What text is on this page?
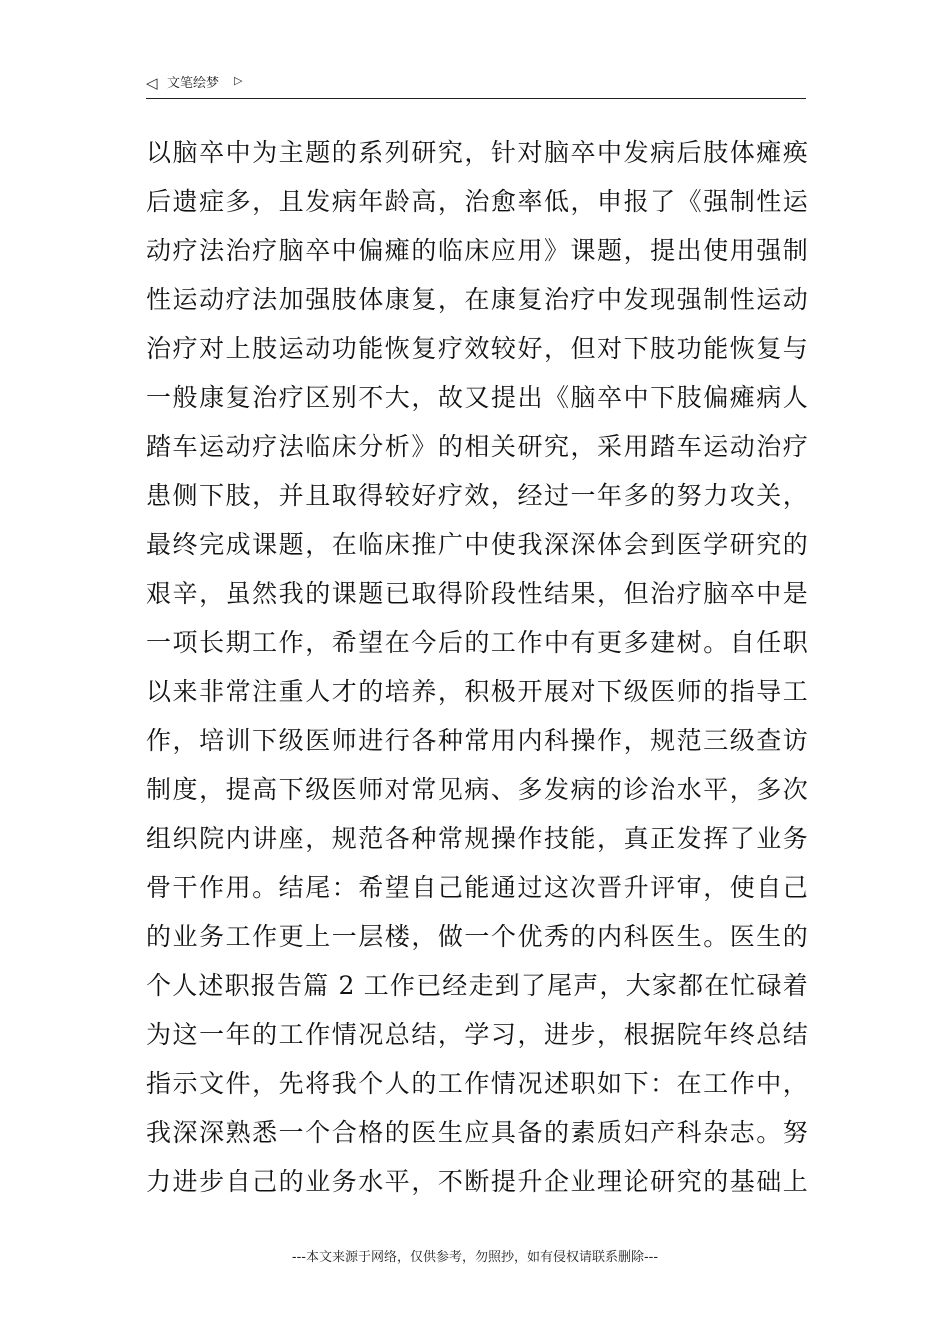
◁ 文笔绘梦 ▷
以脑卒中为主题的系列研究，针对脑卒中发病后肢体瘫痪
后遗症多，且发病年龄高，治愈率低，申报了《强制性运
动疗法治疗脑卒中偏瘫的临床应用》课题，提出使用强制
性运动疗法加强肢体康复，在康复治疗中发现强制性运动
治疗对上肢运动功能恢复疗效较好，但对下肢功能恢复与
一般康复治疗区别不大，故又提出《脑卒中下肢偏瘫病人
踏车运动疗法临床分析》的相关研究，采用踏车运动治疗
患侧下肢，并且取得较好疗效，经过一年多的努力攻关，
最终完成课题，在临床推广中使我深深体会到医学研究的
艰辛，虽然我的课题已取得阶段性结果，但治疗脑卒中是
一项长期工作，希望在今后的工作中有更多建树。自任职
以来非常注重人才的培养，积极开展对下级医师的指导工
作，培训下级医师进行各种常用内科操作，规范三级查访
制度，提高下级医师对常见病、多发病的诊治水平，多次
组织院内讲座，规范各种常规操作技能，真正发挥了业务
骨干作用。结尾：希望自己能通过这次晋升评审，使自己
的业务工作更上一层楼，做一个优秀的内科医生。医生的
个人述职报告篇 2 工作已经走到了尾声，大家都在忙碌着
为这一年的工作情况总结，学习，进步，根据院年终总结
指示文件，先将我个人的工作情况述职如下：在工作中，
我深深熟悉一个合格的医生应具备的素质妇产科杂志。努
力进步自己的业务水平，不断提升企业理论研究的基础上
---本文来源于网络，仅供参考，勿照抄，如有侵权请联系删除---
